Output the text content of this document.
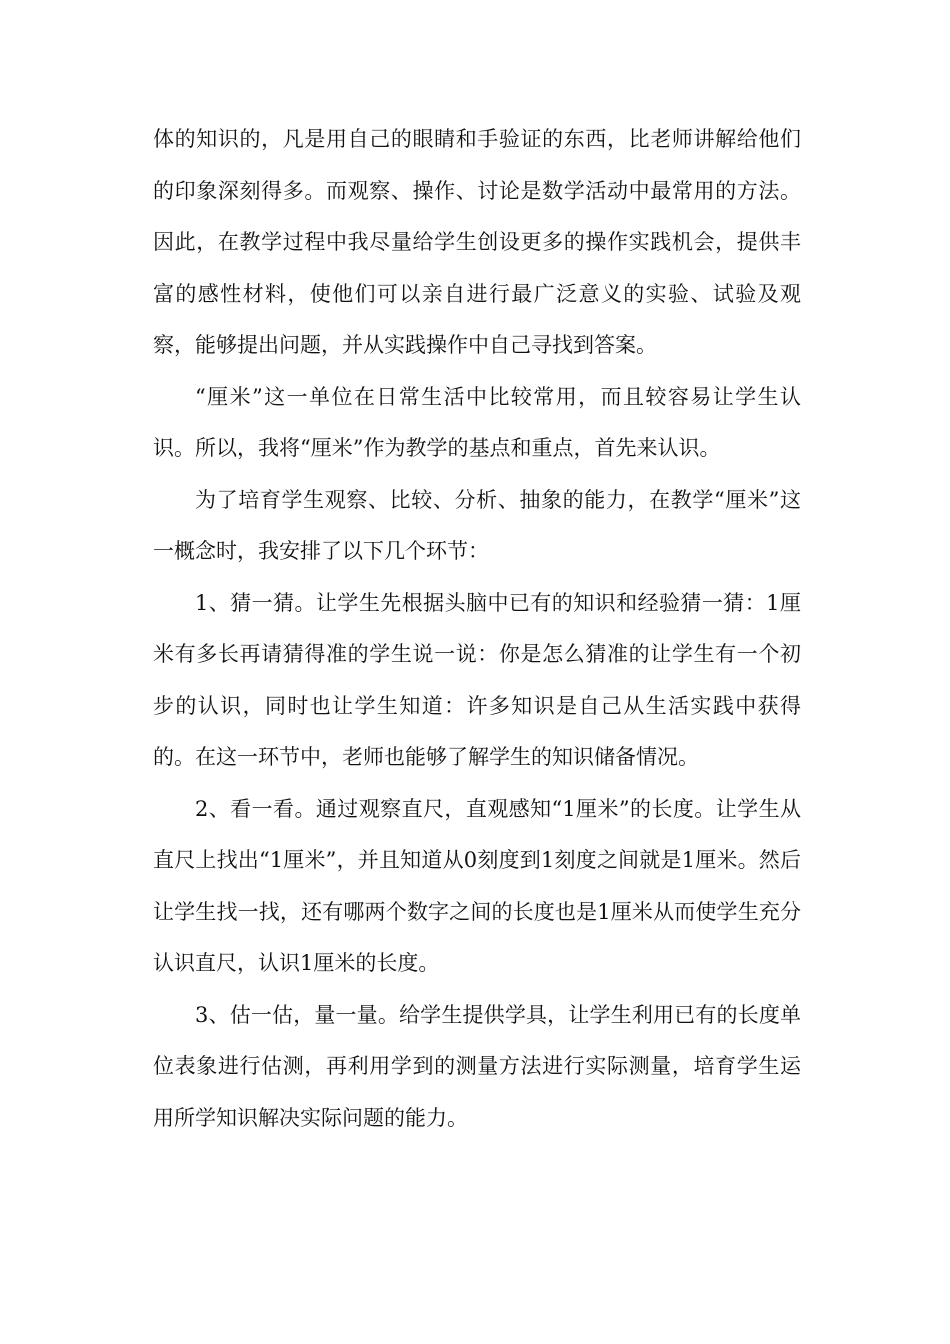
体的知识的，凡是用自己的眼睛和手验证的东西，比老师讲解给他们的印象深刻得多。而观察、操作、讨论是数学活动中最常用的方法。因此，在教学过程中我尽量给学生创设更多的操作实践机会，提供丰富的感性材料，使他们可以亲自进行最广泛意义的实验、试验及观察，能够提出问题，并从实践操作中自己寻找到答案。

“厘米”这一单位在日常生活中比较常用，而且较容易让学生认识。所以，我将“厘米”作为教学的基点和重点，首先来认识。

为了培育学生观察、比较、分析、抽象的能力，在教学“厘米”这一概念时，我安排了以下几个环节：

1、猜一猜。让学生先根据头脑中已有的知识和经验猜一猜：1厘米有多长再请猜得准的学生说一说：你是怎么猜准的让学生有一个初步的认识，同时也让学生知道：许多知识是自己从生活实践中获得的。在这一环节中，老师也能够了解学生的知识储备情况。

2、看一看。通过观察直尺，直观感知“1厘米”的长度。让学生从直尺上找出“1厘米”，并且知道从0刻度到1刻度之间就是1厘米。然后让学生找一找，还有哪两个数字之间的长度也是1厘米从而使学生充分认识直尺，认识1厘米的长度。

3、估一估，量一量。给学生提供学具，让学生利用已有的长度单位表象进行估测，再利用学到的测量方法进行实际测量，培育学生运用所学知识解决实际问题的能力。
